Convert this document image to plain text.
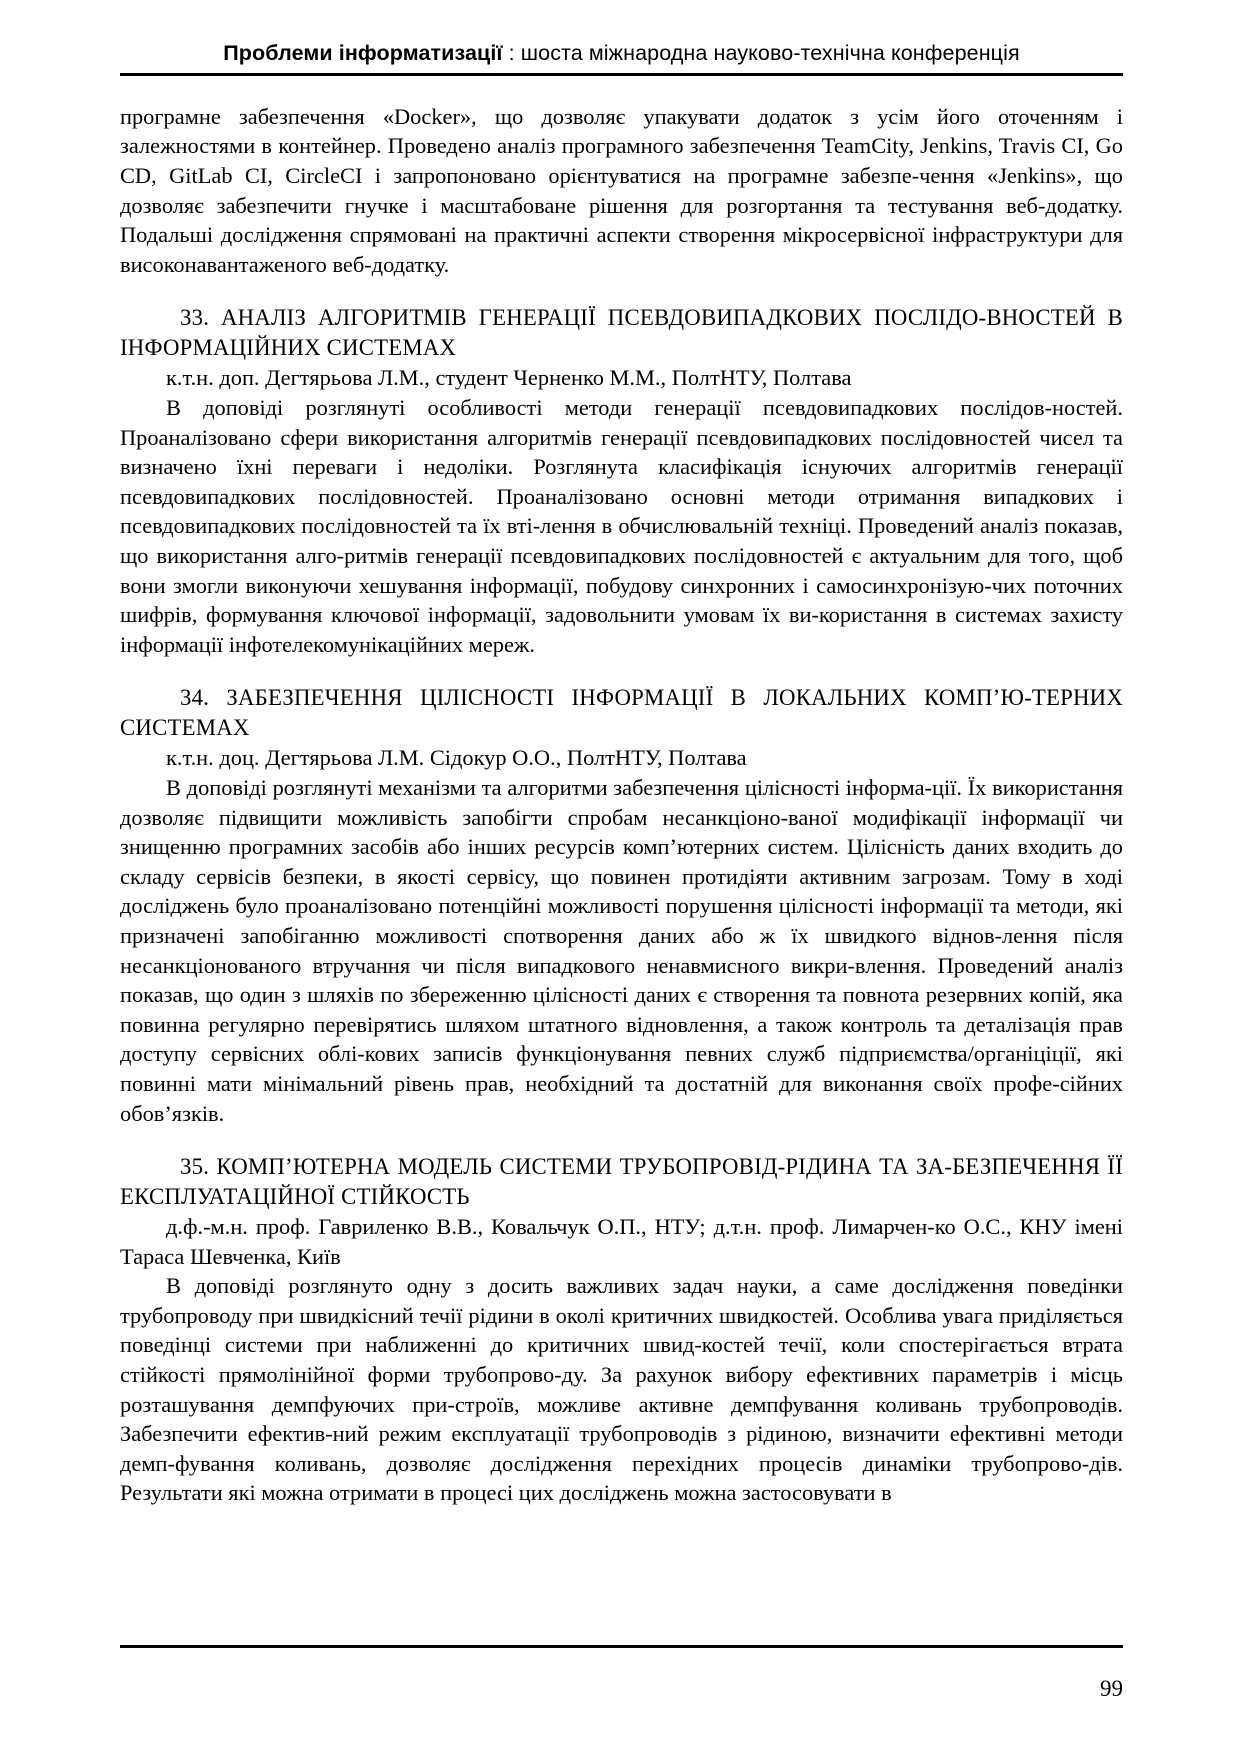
Проблеми інформатизації : шоста міжнародна науково-технічна конференція

програмне забезпечення «Docker», що дозволяє упакувати додаток з усім його оточенням і залежностями в контейнер. Проведено аналіз програмного забезпечення TeamCity, Jenkins, Travis CI, Go CD, GitLab CI, CircleCI і запропоновано орієнтуватися на програмне забезпе-чення «Jenkins», що дозволяє забезпечити гнучке і масштабоване рішення для розгортання та тестування веб-додатку. Подальші дослідження спрямовані на практичні аспекти створення мікросервісної інфраструктури для високонавантаженого веб-додатку.

33. АНАЛІЗ АЛГОРИТМІВ ГЕНЕРАЦІЇ ПСЕВДОВИПАДКОВИХ ПОСЛІДО-ВНОСТЕЙ В ІНФОРМАЦІЙНИХ СИСТЕМАХ

к.т.н. доп. Дегтярьова Л.М., студент Черненко М.М., ПолтНТУ, Полтава

В доповіді розглянуті особливості методи генерації псевдовипадкових послідов-ностей. Проаналізовано сфери використання алгоритмів генерації псевдовипадкових послідовностей чисел та визначено їхні переваги і недоліки. Розглянута класифікація існуючих алгоритмів генерації псевдовипадкових послідовностей. Проаналізовано основні методи отримання випадкових і псевдовипадкових послідовностей та їх вті-лення в обчислювальній техніці. Проведений аналіз показав, що використання алго-ритмів генерації псевдовипадкових послідовностей є актуальним для того, щоб вони змогли виконуючи хешування інформації, побудову синхронних і самосинхронізую-чих поточних шифрів, формування ключової інформації, задовольнити умовам їх ви-користання в системах захисту інформації інфотелекомунікаційних мереж.

34. ЗАБЕЗПЕЧЕННЯ ЦІЛІСНОСТІ ІНФОРМАЦІЇ В ЛОКАЛЬНИХ КОМП’Ю-ТЕРНИХ СИСТЕМАХ

к.т.н. доц. Дегтярьова Л.М. Сідокур О.О., ПолтНТУ, Полтава

В доповіді розглянуті механізми та алгоритми забезпечення цілісності інформа-ції. Їх використання дозволяє підвищити можливість запобігти спробам несанкціоно-ваної модифікації інформації чи знищенню програмних засобів або інших ресурсів комп’ютерних систем. Цілісність даних входить до складу сервісів безпеки, в якості сервісу, що повинен протидіяти активним загрозам. Тому в ході досліджень було проаналізовано потенційні можливості порушення цілісності інформації та методи, які призначені запобіганню можливості спотворення даних або ж їх швидкого віднов-лення після несанкціонованого втручання чи після випадкового ненавмисного викри-влення. Проведений аналіз показав, що один з шляхів по збереженню цілісності даних є створення та повнота резервних копій, яка повинна регулярно перевірятись шляхом штатного відновлення, а також контроль та деталізація прав доступу сервісних облі-кових записів функціонування певних служб підприємства/органіціції, які повинні мати мінімальний рівень прав, необхідний та достатній для виконання своїх профе-сійних обов’язків.

35. КОМП’ЮТЕРНА МОДЕЛЬ СИСТЕМИ ТРУБОПРОВІД-РІДИНА ТА ЗА-БЕЗПЕЧЕННЯ ЇЇ ЕКСПЛУАТАЦІЙНОЇ СТІЙКОСТЬ

д.ф.-м.н. проф. Гавриленко В.В., Ковальчук О.П., НТУ; д.т.н. проф. Лимарчен-ко О.С., КНУ імені Тараса Шевченка, Київ

В доповіді розглянуто одну з досить важливих задач науки, а саме дослідження поведінки трубопроводу при швидкісний течії рідини в околі критичних швидкостей. Особлива увага приділяється поведінці системи при наближенні до критичних швид-костей течії, коли спостерігається втрата стійкості прямолінійної форми трубопрово-ду. За рахунок вибору ефективних параметрів і місць розташування демпфуючих при-строїв, можливе активне демпфування коливань трубопроводів. Забезпечити ефектив-ний режим експлуатації трубопроводів з рідиною, визначити ефективні методи демп-фування коливань, дозволяє дослідження перехідних процесів динаміки трубопрово-дів. Результати які можна отримати в процесі цих досліджень можна застосовувати в

99
